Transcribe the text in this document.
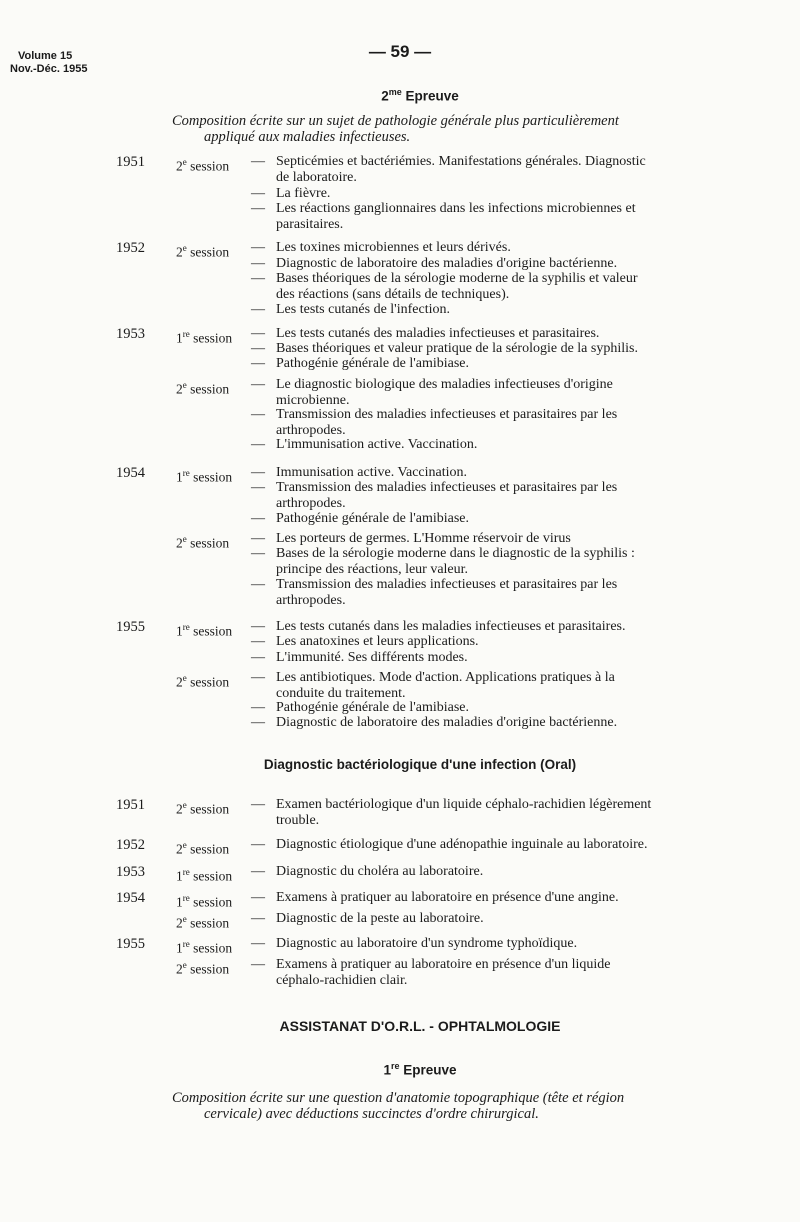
Volume 15
Nov.-Déc. 1955
— 59 —
$2^{me}$ Epreuve
Composition écrite sur un sujet de pathologie générale plus particulièrement
appliqué aux maladies infectieuses.
1951	2e session	— Septicémies et bactériémies. Manifestations générales. Diagnostic
de laboratoire.
— La fièvre.
— Les réactions ganglionnaires dans les infections microbiennes et
parasitaires.
1952	2e session	— Les toxines microbiennes et leurs dérivés.
— Diagnostic de laboratoire des maladies d'origine bactérienne.
— Bases théoriques de la sérologie moderne de la syphilis et valeur
des réactions (sans détails de techniques).
— Les tests cutanés de l'infection.
1953	1re session	— Les tests cutanés des maladies infectieuses et parasitaires.
— Bases théoriques et valeur pratique de la sérologie de la syphilis.
— Pathogénie générale de l'amibiase.
2e session	— Le diagnostic biologique des maladies infectieuses d'origine
microbienne.
— Transmission des maladies infectieuses et parasitaires par les
arthropodes.
— L'immunisation active. Vaccination.
1954	1re session	— Immunisation active. Vaccination.
— Transmission des maladies infectieuses et parasitaires par les
arthropodes.
— Pathogénie générale de l'amibiase.
2e session	— Les porteurs de germes. L'Homme réservoir de virus
— Bases de la sérologie moderne dans le diagnostic de la syphilis :
principe des réactions, leur valeur.
— Transmission des maladies infectieuses et parasitaires par les
arthropodes.
1955	1re session	— Les tests cutanés dans les maladies infectieuses et parasitaires.
— Les anatoxines et leurs applications.
— L'immunité. Ses différents modes.
2e session	— Les antibiotiques. Mode d'action. Applications pratiques à la
conduite du traitement.
— Pathogénie générale de l'amibiase.
— Diagnostic de laboratoire des maladies d'origine bactérienne.
Diagnostic bactériologique d'une infection (Oral)
1951	2e session	— Examen bactériologique d'un liquide céphalo-rachidien légèrement
trouble.
1952	2e session	— Diagnostic étiologique d'une adénopathie inguinale au laboratoire.
1953	1re session	— Diagnostic du choléra au laboratoire.
1954	1re session	— Examens à pratiquer au laboratoire en présence d'une angine.
2e session	— Diagnostic de la peste au laboratoire.
1955	1re session	— Diagnostic au laboratoire d'un syndrome typhoïdique.
2e session	— Examens à pratiquer au laboratoire en présence d'un liquide
céphalo-rachidien clair.
ASSISTANAT D'O.R.L. - OPHTALMOLOGIE
1re Epreuve
Composition écrite sur une question d'anatomie topographique (tête et région
cervicale) avec déductions succinctes d'ordre chirurgical.
